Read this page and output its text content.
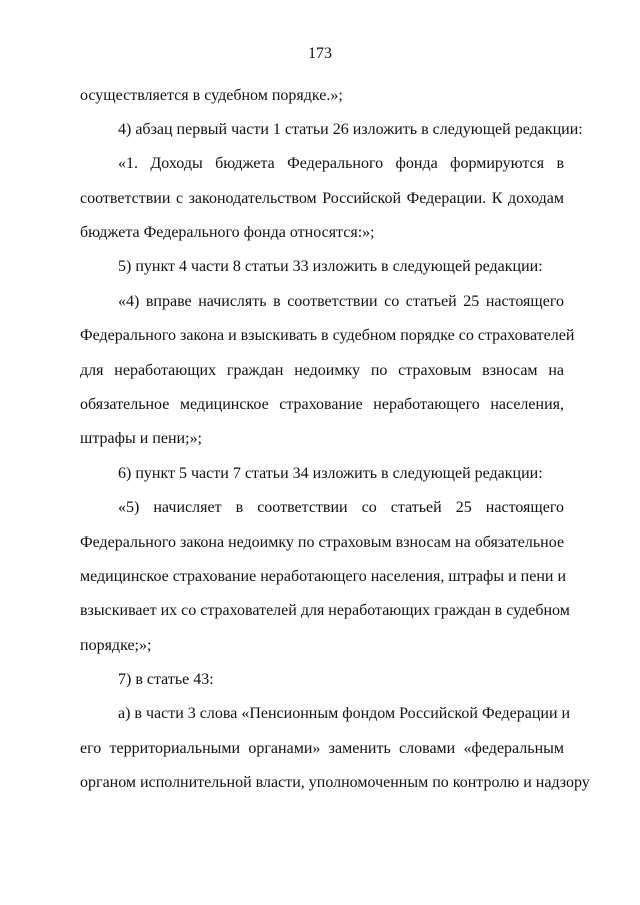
173
осуществляется в судебном порядке.»;
4) абзац первый части 1 статьи 26 изложить в следующей редакции:
«1. Доходы бюджета Федерального фонда формируются в
соответствии с законодательством Российской Федерации. К доходам
бюджета Федерального фонда относятся:»;
5) пункт 4 части 8 статьи 33 изложить в следующей редакции:
«4) вправе начислять в соответствии со статьей 25 настоящего
Федерального закона и взыскивать в судебном порядке со страхователей
для неработающих граждан недоимку по страховым взносам на
обязательное медицинское страхование неработающего населения,
штрафы и пени;»;
6) пункт 5 части 7 статьи 34 изложить в следующей редакции:
«5) начисляет в соответствии со статьей 25 настоящего
Федерального закона недоимку по страховым взносам на обязательное
медицинское страхование неработающего населения, штрафы и пени и
взыскивает их со страхователей для неработающих граждан в судебном
порядке;»;
7) в статье 43:
а) в части 3 слова «Пенсионным фондом Российской Федерации и
его территориальными органами» заменить словами «федеральным
органом исполнительной власти, уполномоченным по контролю и надзору
